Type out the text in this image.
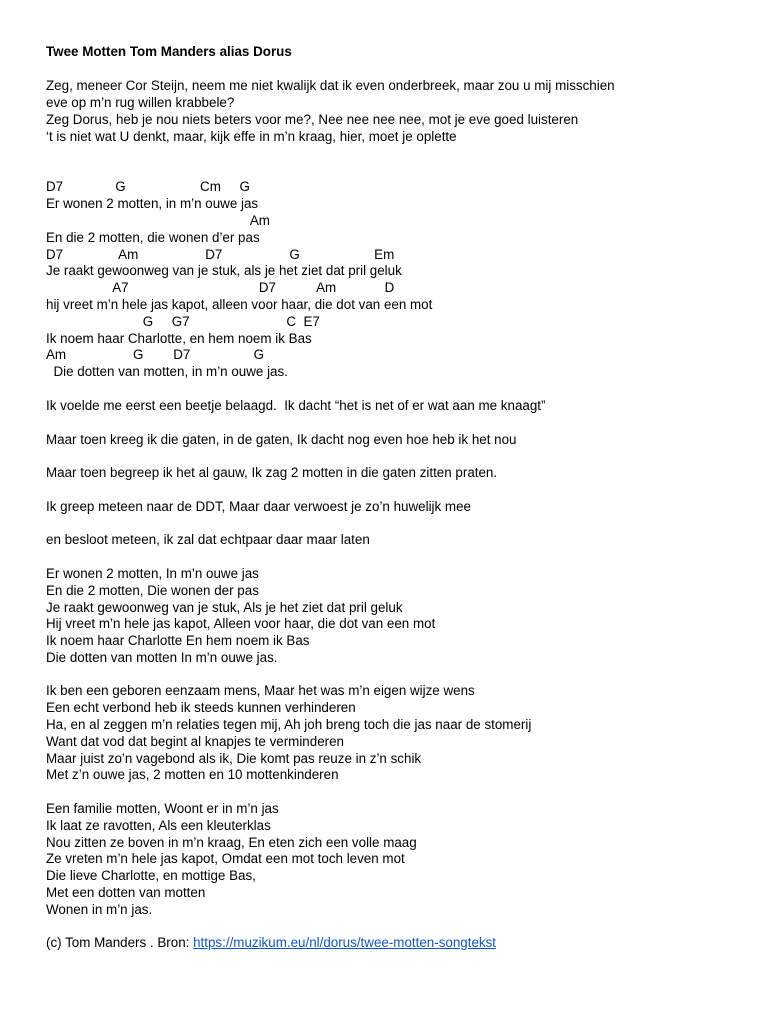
Twee Motten Tom Manders alias Dorus
Zeg, meneer Cor Steijn, neem me niet kwalijk dat ik even onderbreek, maar zou u mij misschien
eve op m’n rug willen krabbele?
Zeg Dorus, heb je nou niets beters voor me?, Nee nee nee nee, mot je eve goed luisteren
‘t is niet wat U denkt, maar, kijk effe in m’n kraag, hier, moet je oplette
D7              G                    Cm     G
Er wonen 2 motten, in m’n ouwe jas
Am
En die 2 motten, die wonen d’er pas
D7               Am                  D7                  G                    Em
Je raakt gewoonweg van je stuk, als je het ziet dat pril geluk
A7                                   D7           Am             D
hij vreet m’n hele jas kapot, alleen voor haar, die dot van een mot
G     G7                          C  E7
Ik noem haar Charlotte, en hem noem ik Bas
Am                  G        D7                 G
Die dotten van motten, in m’n ouwe jas.
Ik voelde me eerst een beetje belaagd.  Ik dacht “het is net of er wat aan me knaagt”
Maar toen kreeg ik die gaten, in de gaten, Ik dacht nog even hoe heb ik het nou
Maar toen begreep ik het al gauw, Ik zag 2 motten in die gaten zitten praten.
Ik greep meteen naar de DDT, Maar daar verwoest je zo’n huwelijk mee
en besloot meteen, ik zal dat echtpaar daar maar laten
Er wonen 2 motten, In m’n ouwe jas
En die 2 motten, Die wonen der pas
Je raakt gewoonweg van je stuk, Als je het ziet dat pril geluk
Hij vreet m’n hele jas kapot, Alleen voor haar, die dot van een mot
Ik noem haar Charlotte En hem noem ik Bas
Die dotten van motten In m’n ouwe jas.
Ik ben een geboren eenzaam mens, Maar het was m’n eigen wijze wens
Een echt verbond heb ik steeds kunnen verhinderen
Ha, en al zeggen m’n relaties tegen mij, Ah joh breng toch die jas naar de stomerij
Want dat vod dat begint al knapjes te verminderen
Maar juist zo’n vagebond als ik, Die komt pas reuze in z’n schik
Met z’n ouwe jas, 2 motten en 10 mottenkinderen
Een familie motten, Woont er in m’n jas
Ik laat ze ravotten, Als een kleuterklas
Nou zitten ze boven in m’n kraag, En eten zich een volle maag
Ze vreten m’n hele jas kapot, Omdat een mot toch leven mot
Die lieve Charlotte, en mottige Bas,
Met een dotten van motten
Wonen in m’n jas.
(c) Tom Manders . Bron: https://muzikum.eu/nl/dorus/twee-motten-songtekst
